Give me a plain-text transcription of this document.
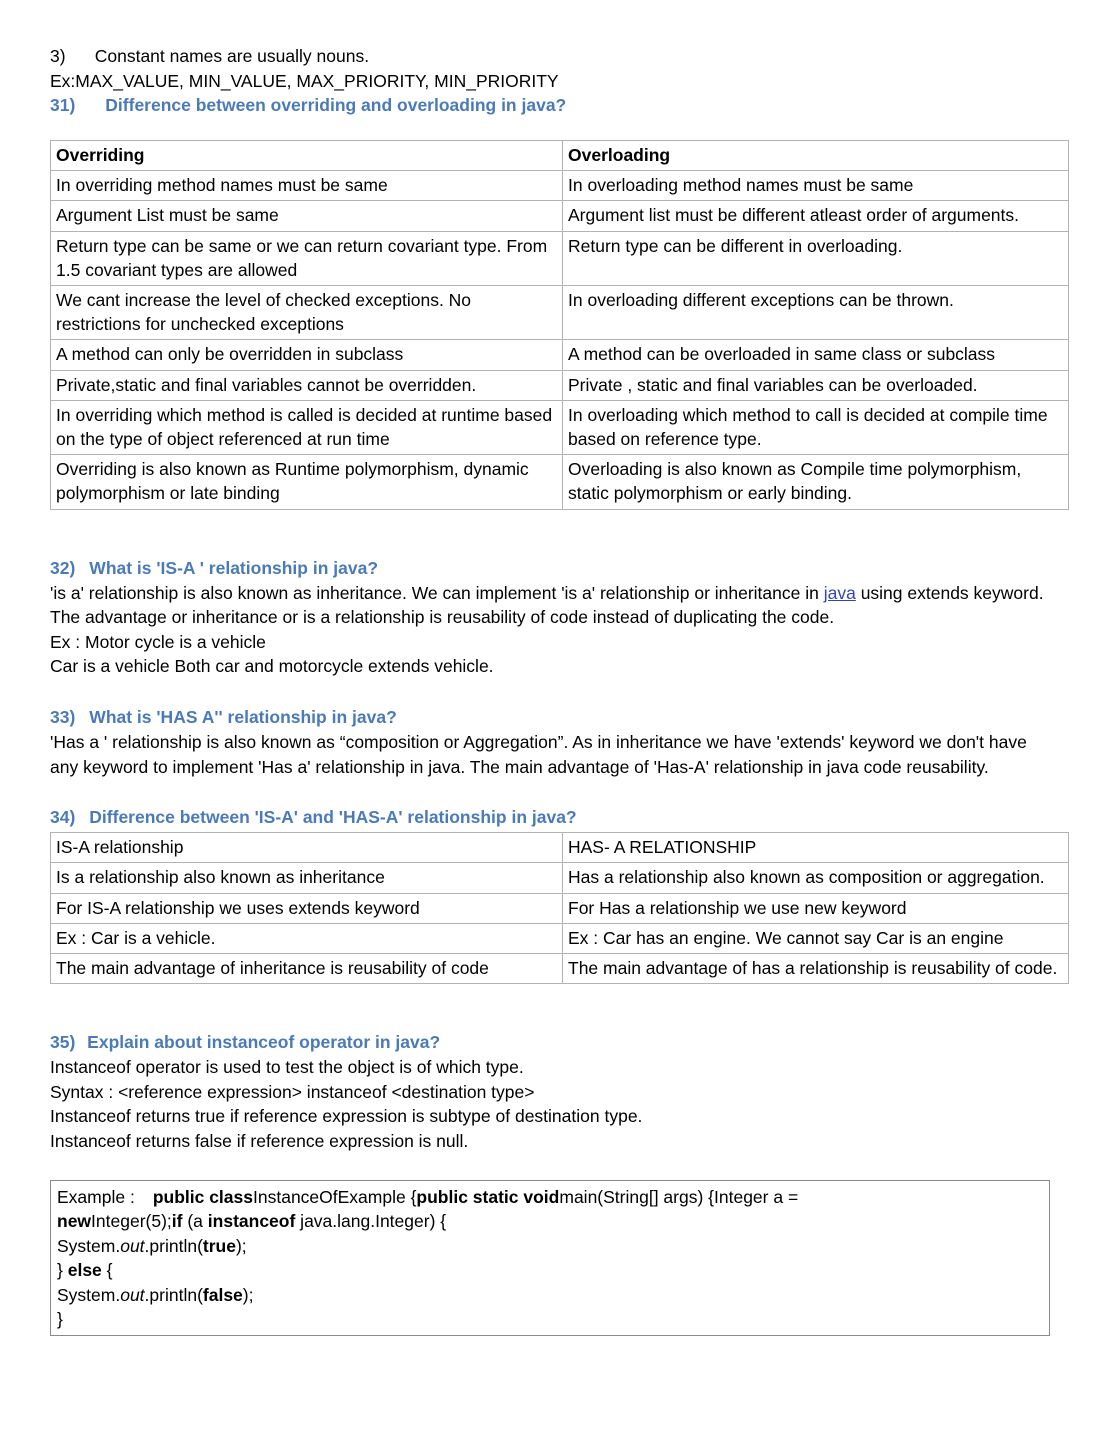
3)      Constant names are usually nouns.
Ex:MAX_VALUE, MIN_VALUE, MAX_PRIORITY, MIN_PRIORITY
31) Difference between overriding and overloading in java?
Overriding	Overloading
In overriding method names must be same	In overloading method names must be same
Argument List must be same	Argument list must be different atleast order of arguments.
Return type can be same or we can return covariant type. From 1.5 covariant types are allowed	Return type can be different in overloading.
We cant increase the level of checked exceptions. No restrictions for unchecked exceptions	In overloading different exceptions can be thrown.
A method can only be overridden in subclass	A method can be overloaded in same class or subclass
Private,static and final variables cannot be overridden.	Private , static and final variables can be overloaded.
In overriding which method is called is decided at runtime based on the type of object referenced at run time	In overloading which method to call is decided at compile time based on reference type.
Overriding is also known as Runtime polymorphism, dynamic polymorphism or late binding	Overloading is also known as Compile time polymorphism, static polymorphism or early binding.
32) What is 'IS-A ' relationship in java?
'is a' relationship is also known as inheritance. We can implement 'is a' relationship or inheritance in java using extends keyword. The advantage or inheritance or is a relationship is reusability of code instead of duplicating the code.
Ex : Motor cycle is a vehicle
Car is a vehicle Both car and motorcycle extends vehicle.
33) What is 'HAS A'' relationship in java?
'Has a ' relationship is also known as “composition or Aggregation”. As in inheritance we have 'extends' keyword we don't have any keyword to implement 'Has a' relationship in java. The main advantage of 'Has-A' relationship in java code reusability.
34) Difference between 'IS-A' and 'HAS-A' relationship in java?
IS-A relationship	HAS- A RELATIONSHIP
Is a relationship also known as inheritance	Has a relationship also known as composition or aggregation.
For IS-A relationship we uses extends keyword	For Has a relationship we use new keyword
Ex : Car is a vehicle.	Ex : Car has an engine. We cannot say Car is an engine
The main advantage of inheritance is reusability of code	The main advantage of has a relationship is reusability of code.
35) Explain about instanceof operator in java?
Instanceof operator is used to test the object is of which type.
Syntax : <reference expression> instanceof <destination type>
Instanceof returns true if reference expression is subtype of destination type.
Instanceof returns false if reference expression is null.
Example : public classInstanceOfExample {public static voidmain(String[] args) {Integer a =
newInteger(5);if (a instanceof java.lang.Integer) {
System.out.println(true);
} else {
System.out.println(false);
}
